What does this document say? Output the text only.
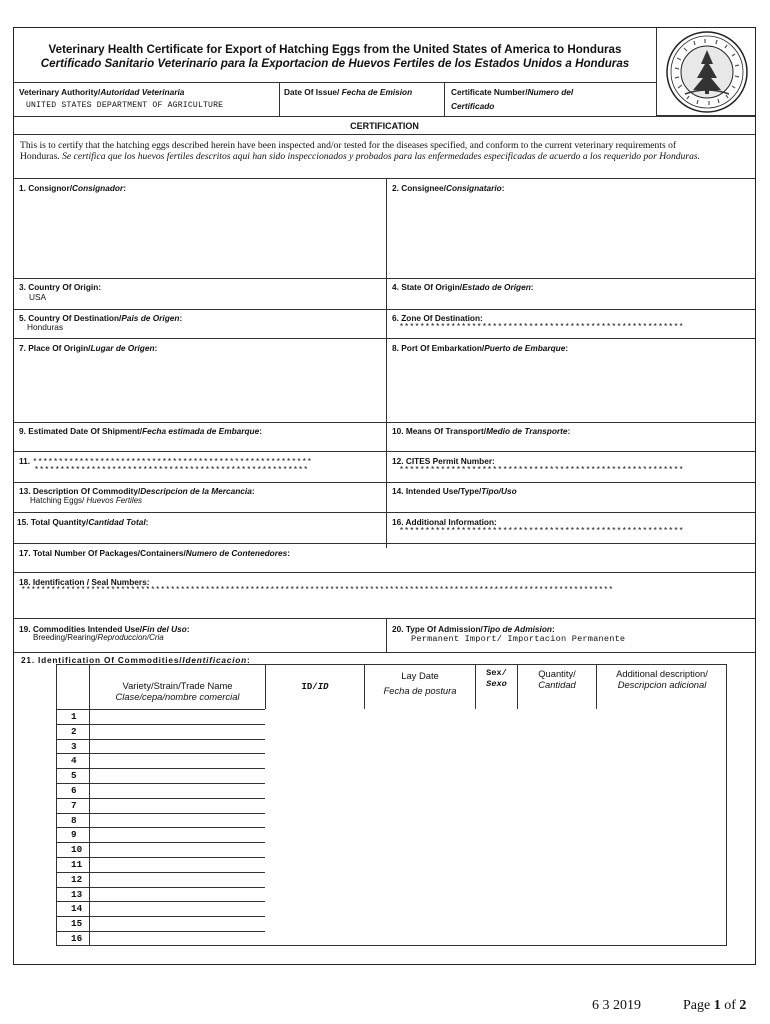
Veterinary Health Certificate for Export of Hatching Eggs from the United States of America to Honduras
Certificado Sanitario Veterinario para la Exportacion de Huevos Fertiles de los Estados Unidos a Honduras
Veterinary Authority/Autoridad Veterinaria
UNITED STATES DEPARTMENT OF AGRICULTURE
Date Of Issue/ Fecha de Emision	Certificate Number/Numero del
Certificado
CERTIFICATION
This is to certify that the hatching eggs described herein have been inspected and/or tested for the diseases specified, and conform to the current veterinary requirements of Honduras. Se certifica que los huevos fertiles descritos aqui han sido inspeccionados y probados para las enfermedades especificadas de acuerdo a los requerido por Honduras.
1. Consignor/Consignador:	2. Consignee/Consignatario:
3. Country Of Origin:
USA
4. State Of Origin/Estado de Origen:
5. Country Of Destination/Pais de Origen:
Honduras
6. Zone Of Destination:
*******************************************************
7. Place Of Origin/Lugar de Origen:	8. Port Of Embarkation/Puerto de Embarque:
9. Estimated Date Of Shipment/Fecha estimada de Embarque:	10. Means Of Transport/Medio de Transporte:
11. ******************************************************
*****************************************************
12. CITES Permit Number:
*******************************************************
13. Description Of Commodity/Descripcion de la Mercancia:
Hatching Eggs/ Huevos Fertiles
14. Intended Use/Type/Tipo/Uso
15. Total Quantity/Cantidad Total:	16. Additional Information:
*******************************************************
17. Total Number Of Packages/Containers/Numero de Contenedores:
18. Identification / Seal Numbers:
***********************************************************************************************************************
19. Commodities Intended Use/Fin del Uso:
Breeding/Rearing/Reproduccion/Cria
20. Type Of Admission/Tipo de Admision:
Permanent Import/ Importacion Permanente
21. Identification Of Commodities/Identificacion:
Variety/Strain/Trade Name
Clase/cepa/nombre comercial
ID/ID
Lay Date
Fecha de postura
Sex/
Sexo
Quantity/
Cantidad
Additional description/
Descripcion adicional
1
2
3
4
5
6
7
8
9
10
11
12
13
14
15
16
6 3 2019	Page 1 of 2
